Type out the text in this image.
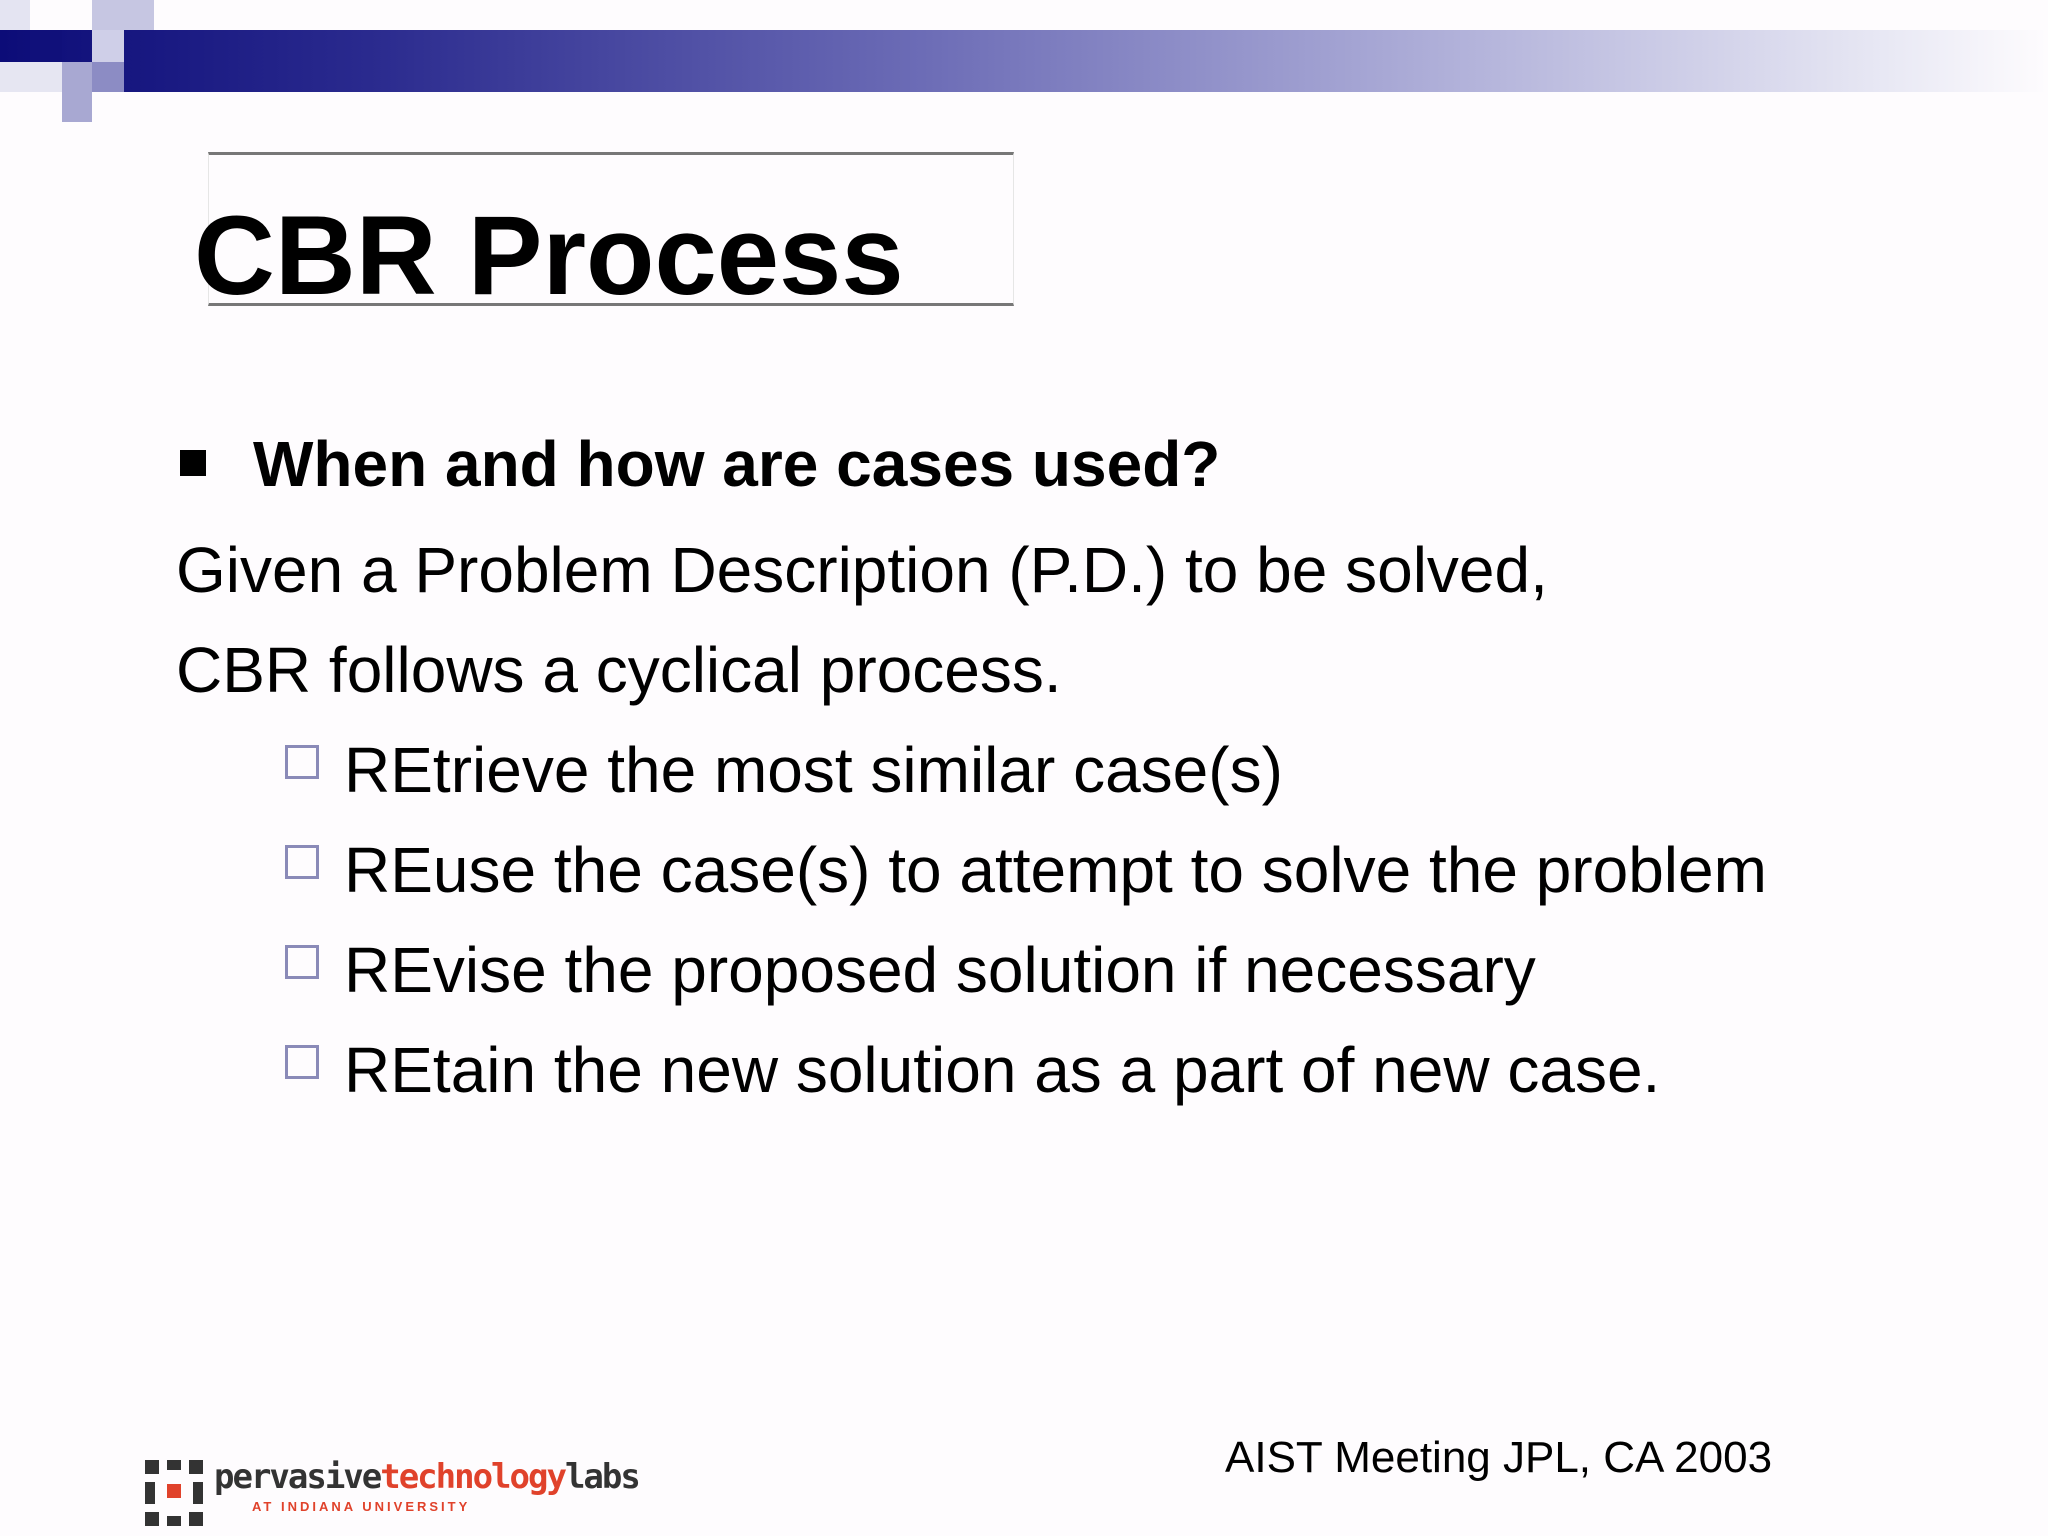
CBR Process
When and how are cases used?
Given a Problem Description (P.D.) to be solved,
CBR follows a cyclical process.
REtrieve the most similar case(s)
REuse the case(s) to attempt to solve the problem
REvise the proposed solution if necessary
REtain the new solution as a part of new case.
AIST Meeting JPL, CA 2003
pervasivetechnologylabs
AT INDIANA UNIVERSITY
